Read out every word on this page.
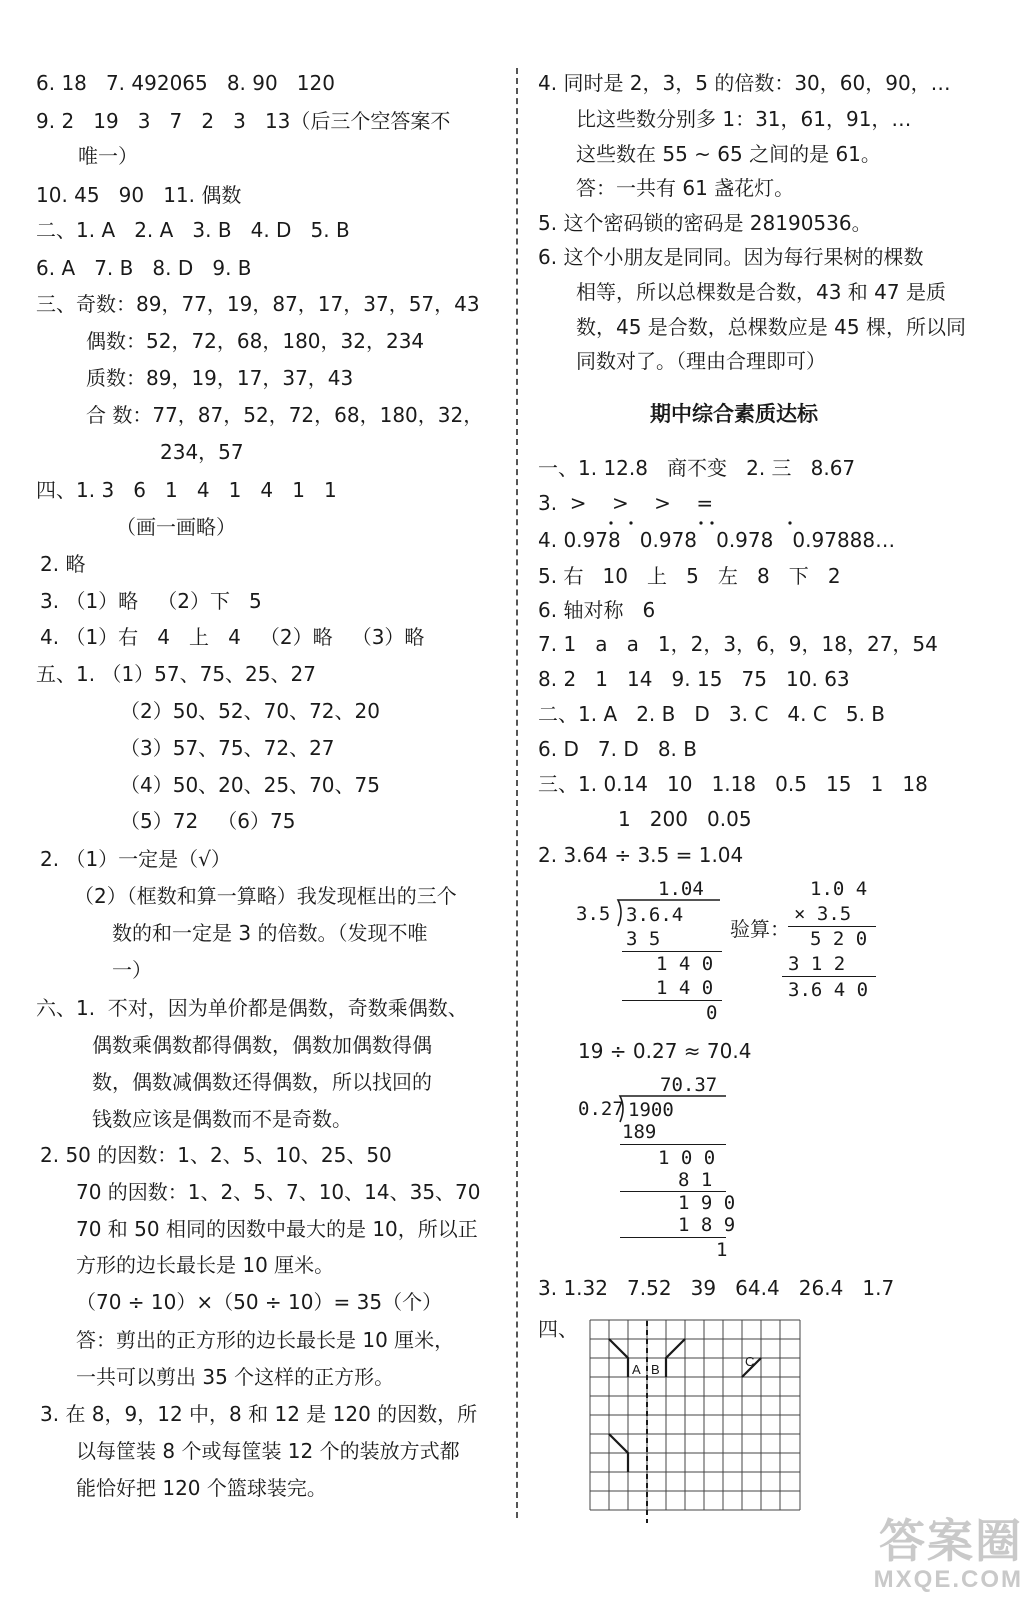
6. 18   7. 492065   8. 90   120
9. 2   19   3   7   2   3   13（后三个空答案不
唯一）
10. 45   90   11. 偶数
二、1. A   2. A   3. B   4. D   5. B
6. A   7. B   8. D   9. B
三、奇数：89，77，19，87，17，37，57，43
偶数：52，72，68，180，32，234
质数：89，19，17，37，43
合 数：77，87，52，72，68，180，32，
234，57
四、1. 3   6   1   4   1   4   1   1
（画一画略）
2. 略
3. （1）略   （2）下   5
4. （1）右   4   上   4   （2）略   （3）略
五、1. （1）57、75、25、27
（2）50、52、70、72、20
（3）57、75、72、27
（4）50、20、25、70、75
（5）72   （6）75
2. （1）一定是（√）
（2）（框数和算一算略）我发现框出的三个
数的和一定是 3 的倍数。（发现不唯
一）
六、1.  不对，因为单价都是偶数，奇数乘偶数、
偶数乘偶数都得偶数，偶数加偶数得偶
数，偶数减偶数还得偶数，所以找回的
钱数应该是偶数而不是奇数。
2. 50 的因数：1、2、5、10、25、50
70 的因数：1、2、5、7、10、14、35、70
70 和 50 相同的因数中最大的是 10，所以正
方形的边长最长是 10 厘米。
（70 ÷ 10）×（50 ÷ 10）= 35（个）
答：剪出的正方形的边长最长是 10 厘米，
一共可以剪出 35 个这样的正方形。
3. 在 8，9，12 中，8 和 12 是 120 的因数，所
以每筐装 8 个或每筐装 12 个的装放方式都
能恰好把 120 个篮球装完。
4. 同时是 2，3，5 的倍数：30，60，90，…
比这些数分别多 1：31，61，91，…
这些数在 55 ~ 65 之间的是 61。
答：一共有 61 盏花灯。
5. 这个密码锁的密码是 28190536。
6. 这个小朋友是同同。因为每行果树的棵数
相等，所以总棵数是合数，43 和 47 是质
数，45 是合数，总棵数应是 45 棵，所以同
同数对了。（理由合理即可）
期中综合素质达标
一、1. 12.8   商不变   2. 三   8.67
3.  >    >    >    =
4. 0.978   0.978   0.978   0.97888…
5. 右   10   上   5   左   8   下   2
6. 轴对称   6
7. 1   a   a   1，2，3，6，9，18，27，54
8. 2   1   14   9. 15   75   10. 63
二、1. A   2. B   D   3. C   4. C   5. B
6. D   7. D   8. B
三、1. 0.14   10   1.18   0.5   15   1   18
1   200   0.05
2. 3.64 ÷ 3.5 = 1.04
1.04
3.5 3.6.4
3 5
1 4 0
1 4 0
0
验算：
1.0 4
× 3.5
5 2 0
3 1 2
3.6 4 0
19 ÷ 0.27 ≈ 70.4
70.37
0.27 1900
189
1 0 0
8 1
1 9 0
1 8 9
1
3. 1.32   7.52   39   64.4   26.4   1.7
四、
A B
C
答案圈
MXQE.COM
